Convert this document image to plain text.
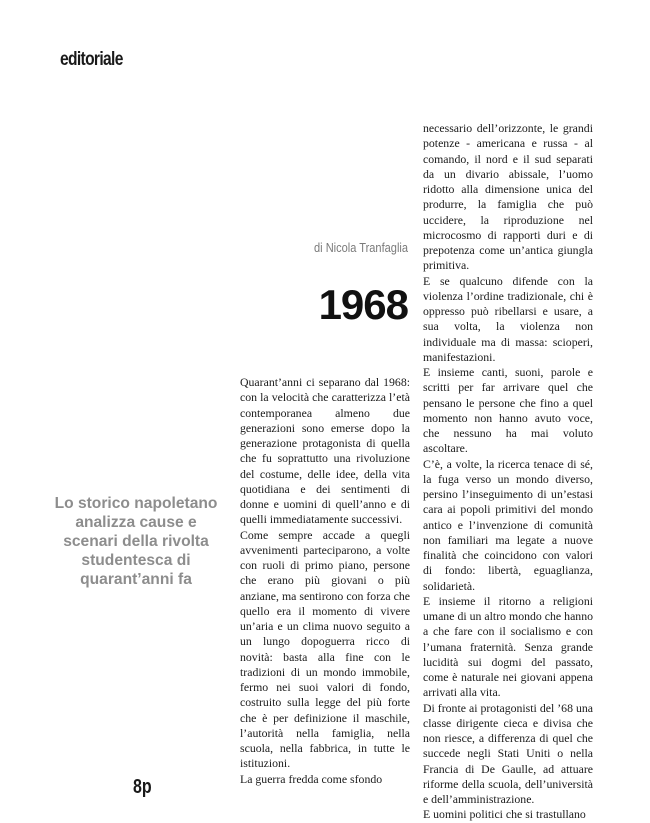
editoriale
di Nicola Tranfaglia
1968
Lo storico napoletano analizza cause e scenari della rivolta studentesca di quarant’anni fa

Quarant’anni ci separano dal 1968: con la velocità che caratterizza l’età contemporanea almeno due generazioni sono emerse dopo la generazione protagonista di quella che fu soprattutto una rivoluzione del costume, delle idee, della vita quotidiana e dei sentimenti di donne e uomini di quell’anno e di quelli immediatamente successivi.

Come sempre accade a quegli avvenimenti parteciparono, a volte con ruoli di primo piano, persone che erano più giovani o più anziane, ma sentirono con forza che quello era il momento di vivere un’aria e un clima nuovo seguito a un lungo dopoguerra ricco di novità: basta alla fine con le tradizioni di un mondo immobile, fermo nei suoi valori di fondo, costruito sulla legge del più forte che è per definizione il maschile, l’autorità nella famiglia, nella scuola, nella fabbrica, in tutte le istituzioni.

La guerra fredda come sfondo

necessario dell’orizzonte, le grandi potenze - americana e russa - al comando, il nord e il sud separati da un divario abissale, l’uomo ridotto alla dimensione unica del produrre, la famiglia che può uccidere, la riproduzione nel microcosmo di rapporti duri e di prepotenza come un’antica giungla primitiva.

E se qualcuno difende con la violenza l’ordine tradizionale, chi è oppresso può ribellarsi e usare, a sua volta, la violenza non individuale ma di massa: scioperi, manifestazioni.

E insieme canti, suoni, parole e scritti per far arrivare quel che pensano le persone che fino a quel momento non hanno avuto voce, che nessuno ha mai voluto ascoltare.

C’è, a volte, la ricerca tenace di sé, la fuga verso un mondo diverso, persino l’inseguimento di un’estasi cara ai popoli primitivi del mondo antico e l’invenzione di comunità non familiari ma legate a nuove finalità che coincidono con valori di fondo: libertà, eguaglianza, solidarietà.

E insieme il ritorno a religioni umane di un altro mondo che hanno a che fare con il socialismo e con l’umana fraternità. Senza grande lucidità sui dogmi del passato, come è naturale nei giovani appena arrivati alla vita.

Di fronte ai protagonisti del ’68 una classe dirigente cieca e divisa che non riesce, a differenza di quel che succede negli Stati Uniti o nella Francia di De Gaulle, ad attuare riforme della scuola, dell’università e dell’amministrazione.

E uomini politici che si trastullano

8p
